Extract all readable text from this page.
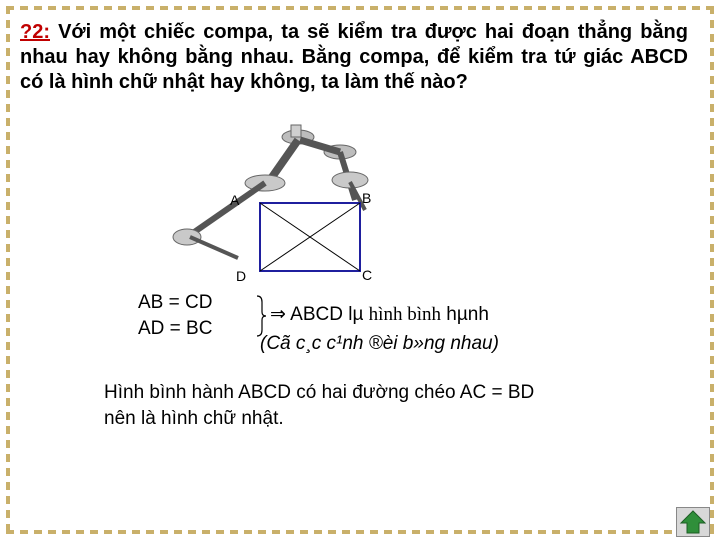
?2: Với một chiếc compa, ta sẽ kiểm tra được hai đoạn thẳng bằng nhau hay không bằng nhau. Bằng compa, để kiểm tra tứ giác ABCD có là hình chữ nhật hay không, ta làm thế nào?
A	B
C
D
AB = CD
AD = BC
⇒ ABCD lµ hình bình hµnh
(Cã c¸c c¹nh ®èi b»ng nhau)
Hình bình hành ABCD có hai đường chéo AC = BD
nên là hình chữ nhật.
